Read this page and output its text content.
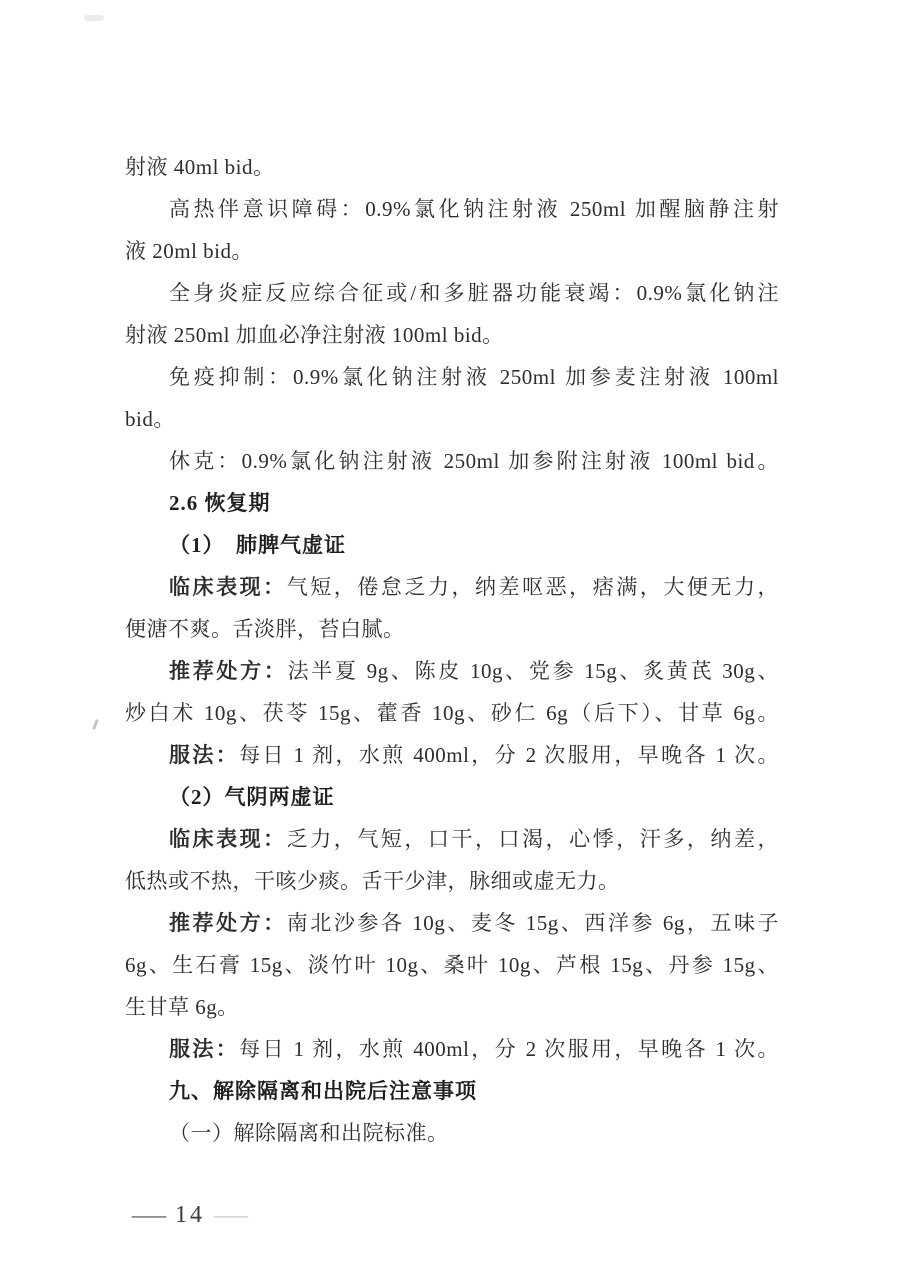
射液 40ml bid。
高热伴意识障碍：0.9%氯化钠注射液 250ml 加醒脑静注射
液 20ml bid。
全身炎症反应综合征或/和多脏器功能衰竭：0.9%氯化钠注
射液 250ml 加血必净注射液 100ml bid。
免疫抑制：0.9%氯化钠注射液 250ml 加参麦注射液 100ml
bid。
休克：0.9%氯化钠注射液 250ml 加参附注射液 100ml bid。
2.6 恢复期
（1）　肺脾气虚证
临床表现：气短，倦怠乏力，纳差呕恶，痞满，大便无力，
便溏不爽。舌淡胖，苔白腻。
推荐处方：法半夏 9g、陈皮 10g、党参 15g、炙黄芪 30g、
炒白术 10g、茯苓 15g、藿香 10g、砂仁 6g（后下）、甘草 6g。
服法：每日 1 剂，水煎 400ml，分 2 次服用，早晚各 1 次。
（2）气阴两虚证
临床表现：乏力，气短，口干，口渴，心悸，汗多，纳差，
低热或不热，干咳少痰。舌干少津，脉细或虚无力。
推荐处方：南北沙参各 10g、麦冬 15g、西洋参 6g，五味子
6g、生石膏 15g、淡竹叶 10g、桑叶 10g、芦根 15g、丹参 15g、
生甘草 6g。
服法：每日 1 剂，水煎 400ml，分 2 次服用，早晚各 1 次。
九、解除隔离和出院后注意事项
（一）解除隔离和出院标准。
— 14 —
